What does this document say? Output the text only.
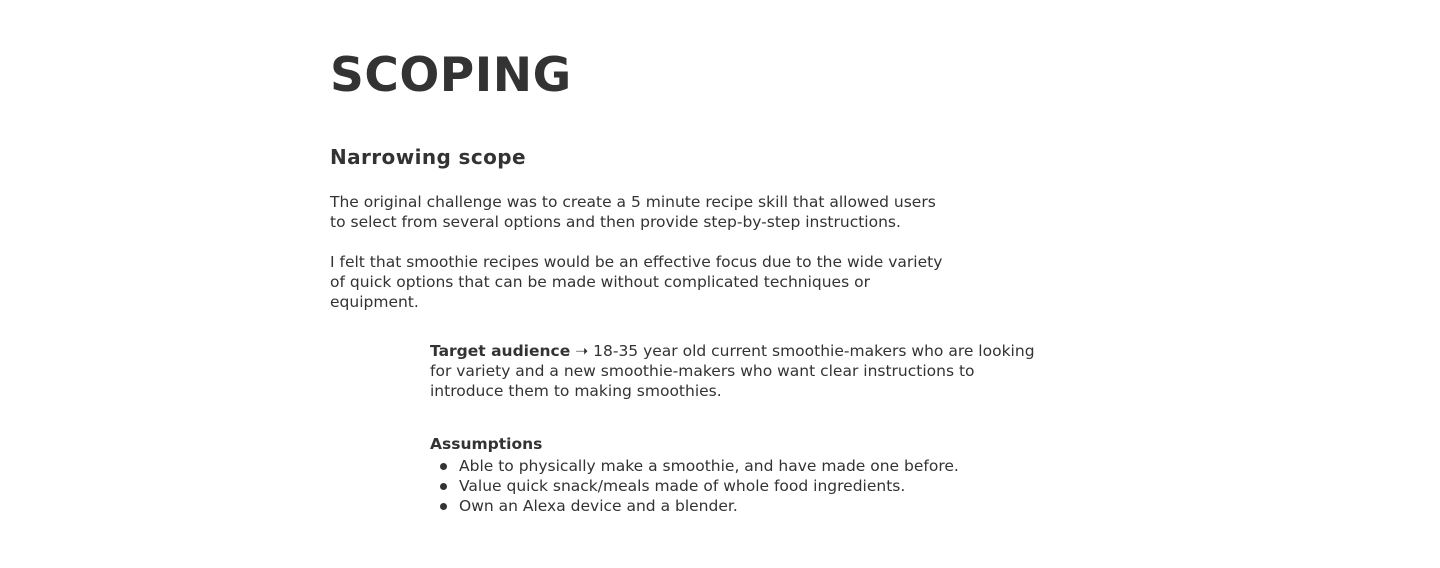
SCOPING
Narrowing scope

The original challenge was to create a 5 minute recipe skill that allowed users to select from several options and then provide step-by-step instructions.

I felt that smoothie recipes would be an effective focus due to the wide variety of quick options that can be made without complicated techniques or equipment.

Target audience ➝ 18-35 year old current smoothie-makers who are looking for variety and a new smoothie-makers who want clear instructions to introduce them to making smoothies.
Assumptions
Able to physically make a smoothie, and have made one before.
Value quick snack/meals made of whole food ingredients.
Own an Alexa device and a blender.
